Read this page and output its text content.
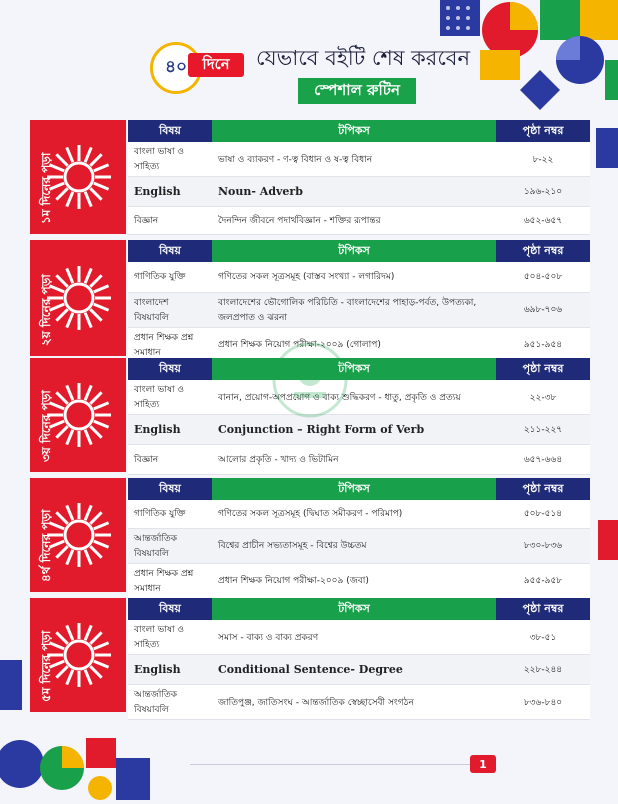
৪০	দিনে	যেভাবে বইটি শেষ করবেন
স্পেশাল রুটিন
১ম দিনের পড়া
বিষয়	টপিকস	পৃষ্ঠা নম্বর
বাংলা ভাষা ও সাহিত্য	ভাষা ও ব্যাকরণ - ণ-ত্ব বিধান ও ষ-ত্ব বিধান	৮-২২
English	Noun- Adverb	১৯৬-২১০
বিজ্ঞান	দৈনন্দিন জীবনে পদার্থবিজ্ঞান - শক্তির রূপান্তর	৬৫২-৬৫৭
২য় দিনের পড়া
বিষয়	টপিকস	পৃষ্ঠা নম্বর
গাণিতিক যুক্তি	গণিতের সকল সূত্রসমূহ (বাস্তব সংখ্যা - লগারিদম)	৫০৪-৫০৮
বাংলাদেশ বিষয়াবলি	বাংলাদেশের ভৌগোলিক পরিচিতি - বাংলাদেশের পাহাড়-পর্বত, উপত্যকা, জলপ্রপাত ও ঝরনা	৬৯৮-৭০৬
প্রধান শিক্ষক প্রশ্ন সমাধান	প্রধান শিক্ষক নিয়োগ পরীক্ষা-২০০৯ (গোলাপ)	৯৫১-৯৫৪
৩য় দিনের পড়া
বিষয়	টপিকস	পৃষ্ঠা নম্বর
বাংলা ভাষা ও সাহিত্য	বানান, প্রয়োগ-অপপ্রয়োগ ও বাক্য শুদ্ধিকরণ - ধাতু, প্রকৃতি ও প্রত্যয়	২২-৩৮
English	Conjunction – Right Form of Verb	২১১-২২৭
বিজ্ঞান	আলোর প্রকৃতি - খাদ্য ও ভিটামিন	৬৫৭-৬৬৪
৪র্থ দিনের পড়া
বিষয়	টপিকস	পৃষ্ঠা নম্বর
গাণিতিক যুক্তি	গণিতের সকল সূত্রসমূহ (দ্বিঘাত সমীকরণ - পরিমাপ)	৫০৮-৫১৪
আন্তর্জাতিক বিষয়াবলি	বিশ্বের প্রাচীন সভ্যতাসমূহ - বিশ্বের উচ্চতম	৮৩০-৮৩৬
প্রধান শিক্ষক প্রশ্ন সমাধান	প্রধান শিক্ষক নিয়োগ পরীক্ষা-২০০৯ (জবা)	৯৫৫-৯৫৮
৫ম দিনের পড়া
বিষয়	টপিকস	পৃষ্ঠা নম্বর
বাংলা ভাষা ও সাহিত্য	সমাস - বাক্য ও বাক্য প্রকরণ	৩৮-৫১
English	Conditional Sentence- Degree	২২৮-২৪৪
আন্তর্জাতিক বিষয়াবলি	জাতিপুঞ্জ, জাতিসংঘ - আন্তর্জাতিক স্বেচ্ছাসেবী সংগঠন	৮৩৬-৮৪০
1
